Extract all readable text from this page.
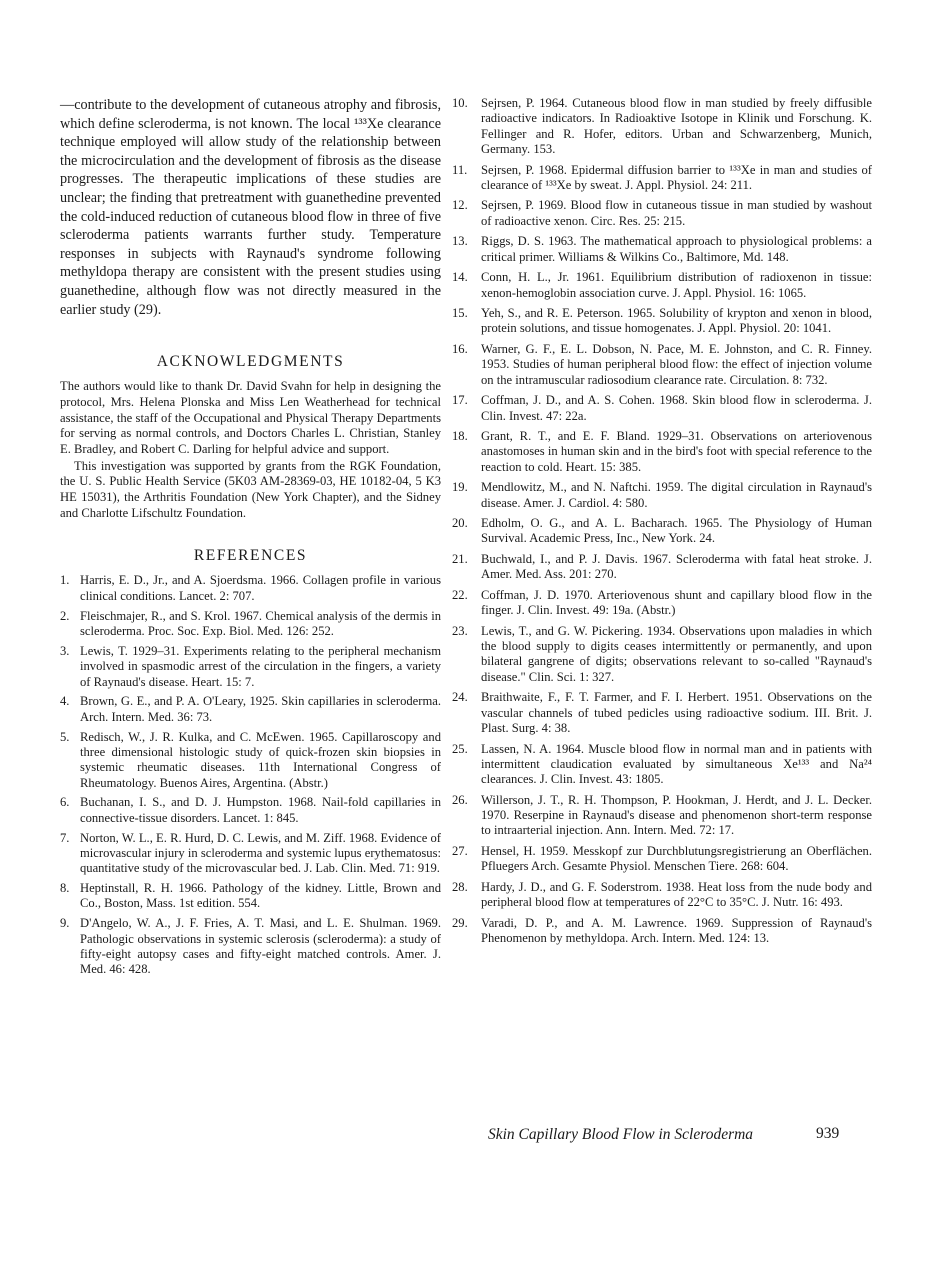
—contribute to the development of cutaneous atrophy and fibrosis, which define scleroderma, is not known. The local ¹³³Xe clearance technique employed will allow study of the relationship between the microcirculation and the development of fibrosis as the disease progresses. The therapeutic implications of these studies are unclear; the finding that pretreatment with guanethedine prevented the cold-induced reduction of cutaneous blood flow in three of five scleroderma patients warrants further study. Temperature responses in subjects with Raynaud's syndrome following methyldopa therapy are consistent with the present studies using guanethedine, although flow was not directly measured in the earlier study (29).

ACKNOWLEDGMENTS

The authors would like to thank Dr. David Svahn for help in designing the protocol, Mrs. Helena Plonska and Miss Len Weatherhead for technical assistance, the staff of the Occupational and Physical Therapy Departments for serving as normal controls, and Doctors Charles L. Christian, Stanley E. Bradley, and Robert C. Darling for helpful advice and support.

This investigation was supported by grants from the RGK Foundation, the U. S. Public Health Service (5K03 AM-28369-03, HE 10182-04, 5 K3 HE 15031), the Arthritis Foundation (New York Chapter), and the Sidney and Charlotte Lifschultz Foundation.

REFERENCES
1. Harris, E. D., Jr., and A. Sjoerdsma. 1966. Collagen profile in various clinical conditions. Lancet. 2: 707.
2. Fleischmajer, R., and S. Krol. 1967. Chemical analysis of the dermis in scleroderma. Proc. Soc. Exp. Biol. Med. 126: 252.
3. Lewis, T. 1929–31. Experiments relating to the peripheral mechanism involved in spasmodic arrest of the circulation in the fingers, a variety of Raynaud's disease. Heart. 15: 7.
4. Brown, G. E., and P. A. O'Leary, 1925. Skin capillaries in scleroderma. Arch. Intern. Med. 36: 73.
5. Redisch, W., J. R. Kulka, and C. McEwen. 1965. Capillaroscopy and three dimensional histologic study of quick-frozen skin biopsies in systemic rheumatic diseases. 11th International Congress of Rheumatology. Buenos Aires, Argentina. (Abstr.)
6. Buchanan, I. S., and D. J. Humpston. 1968. Nail-fold capillaries in connective-tissue disorders. Lancet. 1: 845.
7. Norton, W. L., E. R. Hurd, D. C. Lewis, and M. Ziff. 1968. Evidence of microvascular injury in scleroderma and systemic lupus erythematosus: quantitative study of the microvascular bed. J. Lab. Clin. Med. 71: 919.
8. Heptinstall, R. H. 1966. Pathology of the kidney. Little, Brown and Co., Boston, Mass. 1st edition. 554.
9. D'Angelo, W. A., J. F. Fries, A. T. Masi, and L. E. Shulman. 1969. Pathologic observations in systemic sclerosis (scleroderma): a study of fifty-eight autopsy cases and fifty-eight matched controls. Amer. J. Med. 46: 428.
10. Sejrsen, P. 1964. Cutaneous blood flow in man studied by freely diffusible radioactive indicators. In Radioaktive Isotope in Klinik und Forschung. K. Fellinger and R. Hofer, editors. Urban and Schwarzenberg, Munich, Germany. 153.
11. Sejrsen, P. 1968. Epidermal diffusion barrier to ¹³³Xe in man and studies of clearance of ¹³³Xe by sweat. J. Appl. Physiol. 24: 211.
12. Sejrsen, P. 1969. Blood flow in cutaneous tissue in man studied by washout of radioactive xenon. Circ. Res. 25: 215.
13. Riggs, D. S. 1963. The mathematical approach to physiological problems: a critical primer. Williams & Wilkins Co., Baltimore, Md. 148.
14. Conn, H. L., Jr. 1961. Equilibrium distribution of radioxenon in tissue: xenon-hemoglobin association curve. J. Appl. Physiol. 16: 1065.
15. Yeh, S., and R. E. Peterson. 1965. Solubility of krypton and xenon in blood, protein solutions, and tissue homogenates. J. Appl. Physiol. 20: 1041.
16. Warner, G. F., E. L. Dobson, N. Pace, M. E. Johnston, and C. R. Finney. 1953. Studies of human peripheral blood flow: the effect of injection volume on the intramuscular radiosodium clearance rate. Circulation. 8: 732.
17. Coffman, J. D., and A. S. Cohen. 1968. Skin blood flow in scleroderma. J. Clin. Invest. 47: 22a.
18. Grant, R. T., and E. F. Bland. 1929–31. Observations on arteriovenous anastomoses in human skin and in the bird's foot with special reference to the reaction to cold. Heart. 15: 385.
19. Mendlowitz, M., and N. Naftchi. 1959. The digital circulation in Raynaud's disease. Amer. J. Cardiol. 4: 580.
20. Edholm, O. G., and A. L. Bacharach. 1965. The Physiology of Human Survival. Academic Press, Inc., New York. 24.
21. Buchwald, I., and P. J. Davis. 1967. Scleroderma with fatal heat stroke. J. Amer. Med. Ass. 201: 270.
22. Coffman, J. D. 1970. Arteriovenous shunt and capillary blood flow in the finger. J. Clin. Invest. 49: 19a. (Abstr.)
23. Lewis, T., and G. W. Pickering. 1934. Observations upon maladies in which the blood supply to digits ceases intermittently or permanently, and upon bilateral gangrene of digits; observations relevant to so-called "Raynaud's disease." Clin. Sci. 1: 327.
24. Braithwaite, F., F. T. Farmer, and F. I. Herbert. 1951. Observations on the vascular channels of tubed pedicles using radioactive sodium. III. Brit. J. Plast. Surg. 4: 38.
25. Lassen, N. A. 1964. Muscle blood flow in normal man and in patients with intermittent claudication evaluated by simultaneous Xe¹³³ and Na²⁴ clearances. J. Clin. Invest. 43: 1805.
26. Willerson, J. T., R. H. Thompson, P. Hookman, J. Herdt, and J. L. Decker. 1970. Reserpine in Raynaud's disease and phenomenon short-term response to intraarterial injection. Ann. Intern. Med. 72: 17.
27. Hensel, H. 1959. Messkopf zur Durchblutungsregistrierung an Oberflächen. Pfluegers Arch. Gesamte Physiol. Menschen Tiere. 268: 604.
28. Hardy, J. D., and G. F. Soderstrom. 1938. Heat loss from the nude body and peripheral blood flow at temperatures of 22°C to 35°C. J. Nutr. 16: 493.
29. Varadi, D. P., and A. M. Lawrence. 1969. Suppression of Raynaud's Phenomenon by methyldopa. Arch. Intern. Med. 124: 13.
Skin Capillary Blood Flow in Scleroderma	939
